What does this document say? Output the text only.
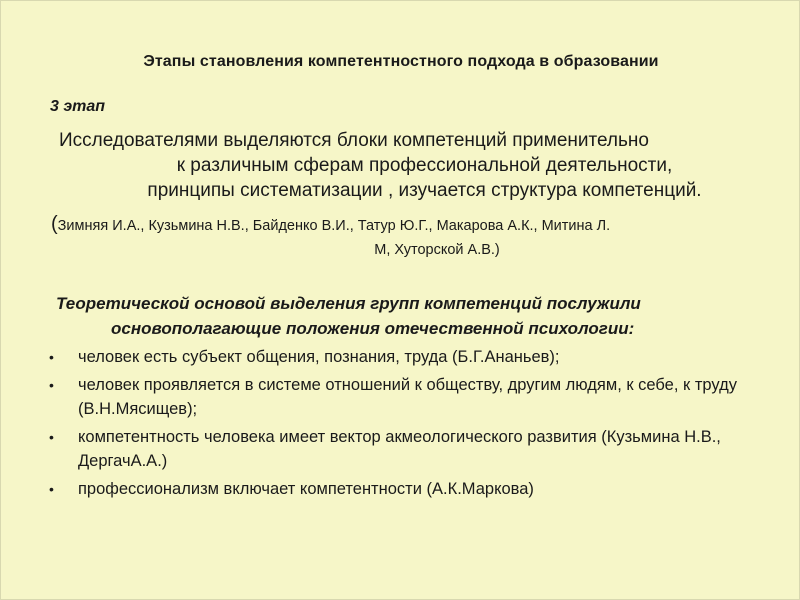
Этапы становления компетентностного подхода в образовании
3 этап
Исследователями выделяются блоки компетенций применительно
к различным сферам профессиональной деятельности,
принципы систематизации , изучается структура компетенций.
(Зимняя И.А., Кузьмина Н.В., Байденко В.И., Татур Ю.Г., Макарова А.К., Митина Л.
М, Хуторской А.В.)
Теоретической основой выделения групп компетенций послужили
основополагающие положения отечественной психологии:
• человек есть субъект общения, познания, труда (Б.Г.Ананьев);
• человек проявляется в системе отношений к обществу, другим людям, к себе, к труду (В.Н.Мясищев);
• компетентность человека имеет вектор акмеологического развития (Кузьмина Н.В., ДергачА.А.)
• профессионализм включает компетентности (А.К.Маркова)
